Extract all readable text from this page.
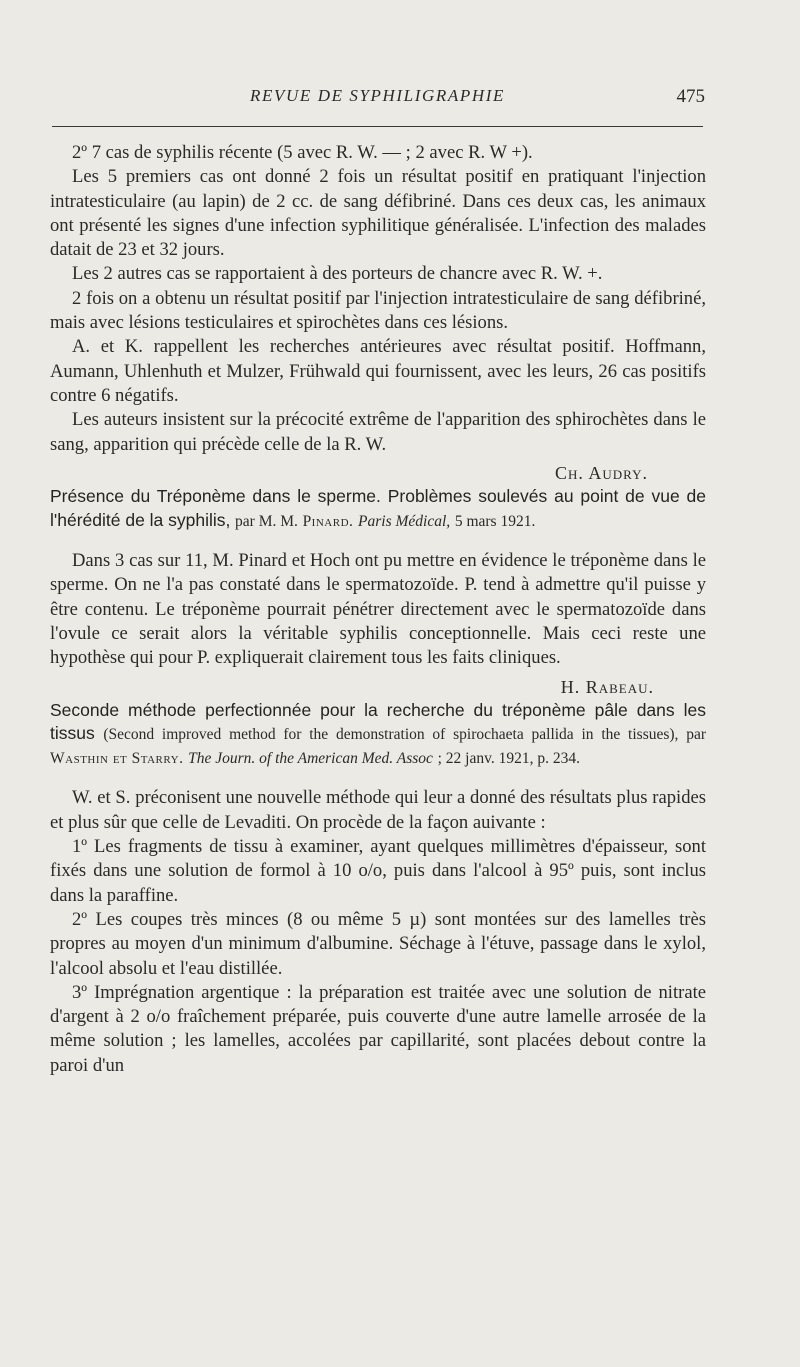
REVUE DE SYPHILIGRAPHIE	475

2º 7 cas de syphilis récente (5 avec R. W. — ; 2 avec R. W +).

Les 5 premiers cas ont donné 2 fois un résultat positif en pratiquant l'injection intratesticulaire (au lapin) de 2 cc. de sang défibriné. Dans ces deux cas, les animaux ont présenté les signes d'une infection syphilitique généralisée. L'infection des malades datait de 23 et 32 jours.

Les 2 autres cas se rapportaient à des porteurs de chancre avec R. W. +.

2 fois on a obtenu un résultat positif par l'injection intratesticulaire de sang défibriné, mais avec lésions testiculaires et spirochètes dans ces lésions.

A. et K. rappellent les recherches antérieures avec résultat positif. Hoffmann, Aumann, Uhlenhuth et Mulzer, Frühwald qui fournissent, avec les leurs, 26 cas positifs contre 6 négatifs.

Les auteurs insistent sur la précocité extrême de l'apparition des sphirochètes dans le sang, apparition qui précède celle de la R. W.

Ch. Audry.

Présence du Tréponème dans le sperme. Problèmes soulevés au point de vue de l'hérédité de la syphilis, par M. M. Pinard. Paris Médical, 5 mars 1921.

Dans 3 cas sur 11, M. Pinard et Hoch ont pu mettre en évidence le tréponème dans le sperme. On ne l'a pas constaté dans le spermatozoïde. P. tend à admettre qu'il puisse y être contenu. Le tréponème pourrait pénétrer directement avec le spermatozoïde dans l'ovule ce serait alors la véritable syphilis conceptionnelle. Mais ceci reste une hypothèse qui pour P. expliquerait clairement tous les faits cliniques.

H. Rabeau.

Seconde méthode perfectionnée pour la recherche du tréponème pâle dans les tissus (Second improved method for the demonstration of spirochaeta pallida in the tissues), par Wasthin et Starry. The Journ. of the American Med. Assoc ; 22 janv. 1921, p. 234.

W. et S. préconisent une nouvelle méthode qui leur a donné des résultats plus rapides et plus sûr que celle de Levaditi. On procède de la façon auivante :

1º Les fragments de tissu à examiner, ayant quelques millimètres d'épaisseur, sont fixés dans une solution de formol à 10 o/o, puis dans l'alcool à 95º puis, sont inclus dans la paraffine.

2º Les coupes très minces (8 ou même 5 µ) sont montées sur des lamelles très propres au moyen d'un minimum d'albumine. Séchage à l'étuve, passage dans le xylol, l'alcool absolu et l'eau distillée.

3º Imprégnation argentique : la préparation est traitée avec une solution de nitrate d'argent à 2 o/o fraîchement préparée, puis couverte d'une autre lamelle arrosée de la même solution ; les lamelles, accolées par capillarité, sont placées debout contre la paroi d'un
